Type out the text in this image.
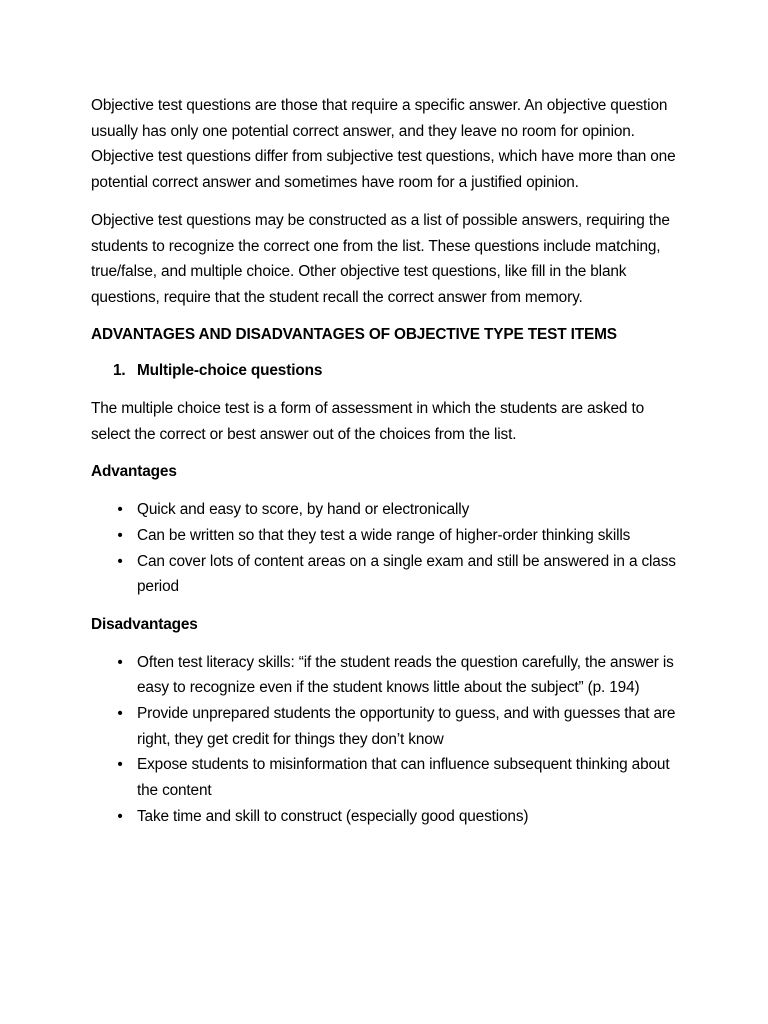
Objective test questions are those that require a specific answer. An objective question usually has only one potential correct answer, and they leave no room for opinion. Objective test questions differ from subjective test questions, which have more than one potential correct answer and sometimes have room for a justified opinion.

Objective test questions may be constructed as a list of possible answers, requiring the students to recognize the correct one from the list. These questions include matching, true/false, and multiple choice. Other objective test questions, like fill in the blank questions, require that the student recall the correct answer from memory.

ADVANTAGES AND DISADVANTAGES OF OBJECTIVE TYPE TEST ITEMS

1. Multiple-choice questions

The multiple choice test is a form of assessment in which the students are asked to select the correct or best answer out of the choices from the list.

Advantages

• Quick and easy to score, by hand or electronically
• Can be written so that they test a wide range of higher-order thinking skills
• Can cover lots of content areas on a single exam and still be answered in a class period

Disadvantages

• Often test literacy skills: “if the student reads the question carefully, the answer is easy to recognize even if the student knows little about the subject” (p. 194)
• Provide unprepared students the opportunity to guess, and with guesses that are right, they get credit for things they don’t know
• Expose students to misinformation that can influence subsequent thinking about the content
• Take time and skill to construct (especially good questions)
